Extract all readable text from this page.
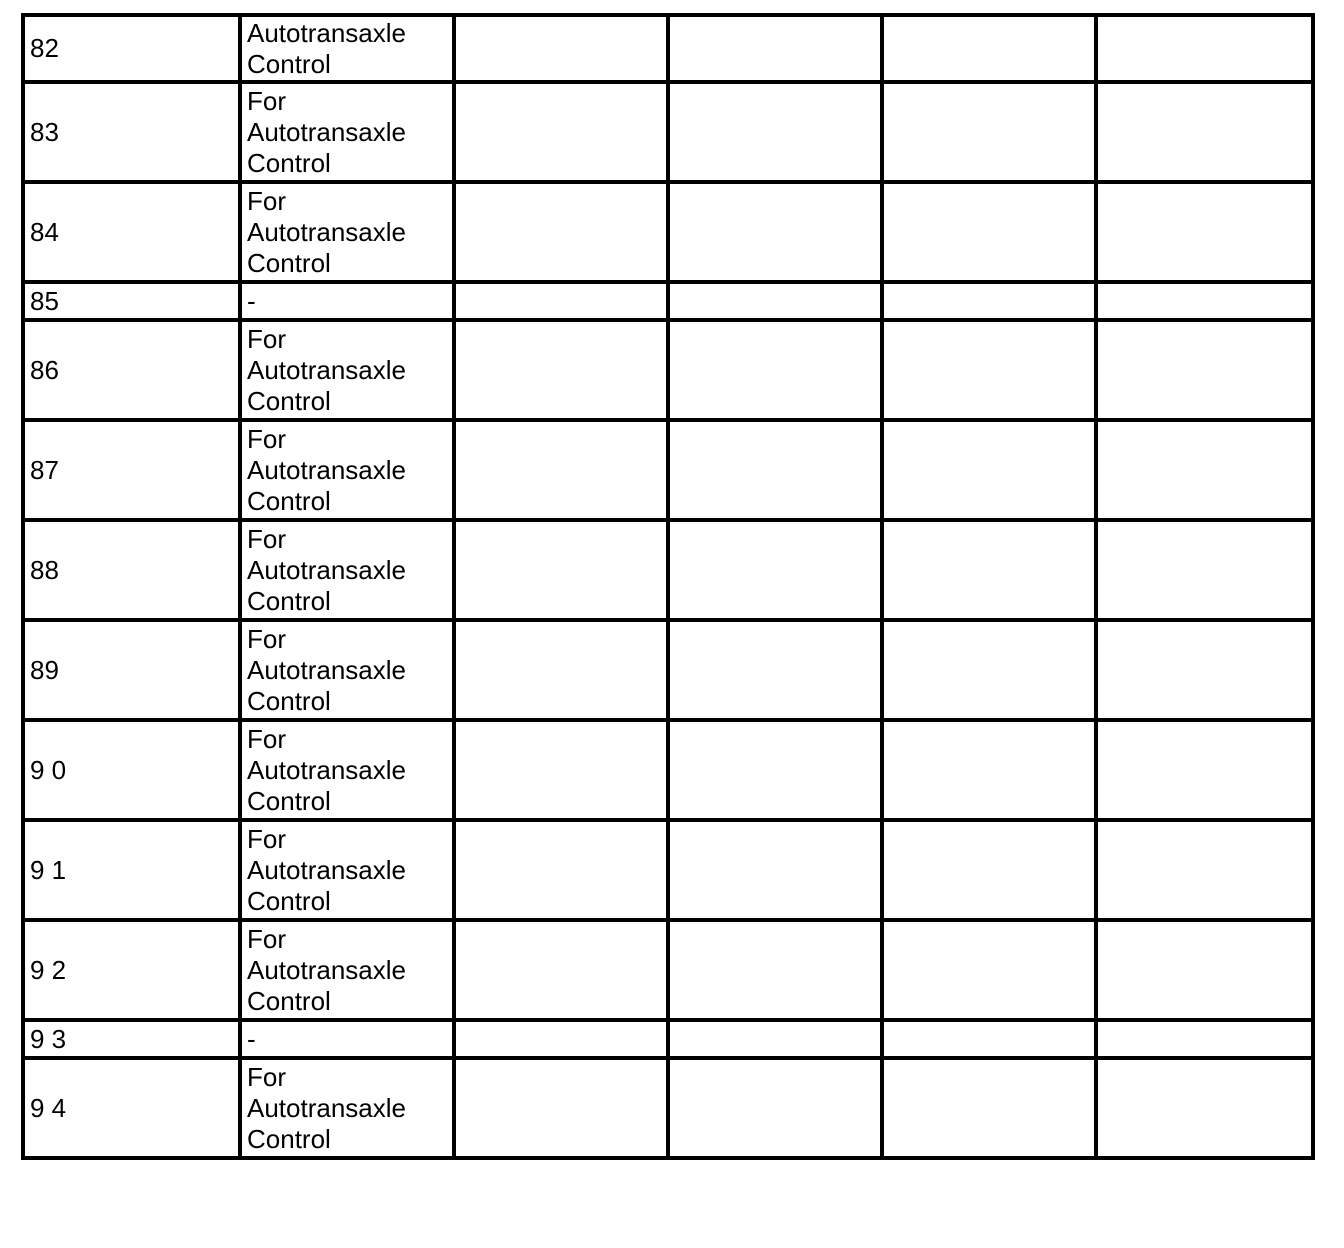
82	Autotransaxle
Control				
83	For
Autotransaxle
Control				
84	For
Autotransaxle
Control				
85	-				
86	For
Autotransaxle
Control				
87	For
Autotransaxle
Control				
88	For
Autotransaxle
Control				
89	For
Autotransaxle
Control				
9 0	For
Autotransaxle
Control				
9 1	For
Autotransaxle
Control				
9 2	For
Autotransaxle
Control				
9 3	-				
9 4	For
Autotransaxle
Control				
